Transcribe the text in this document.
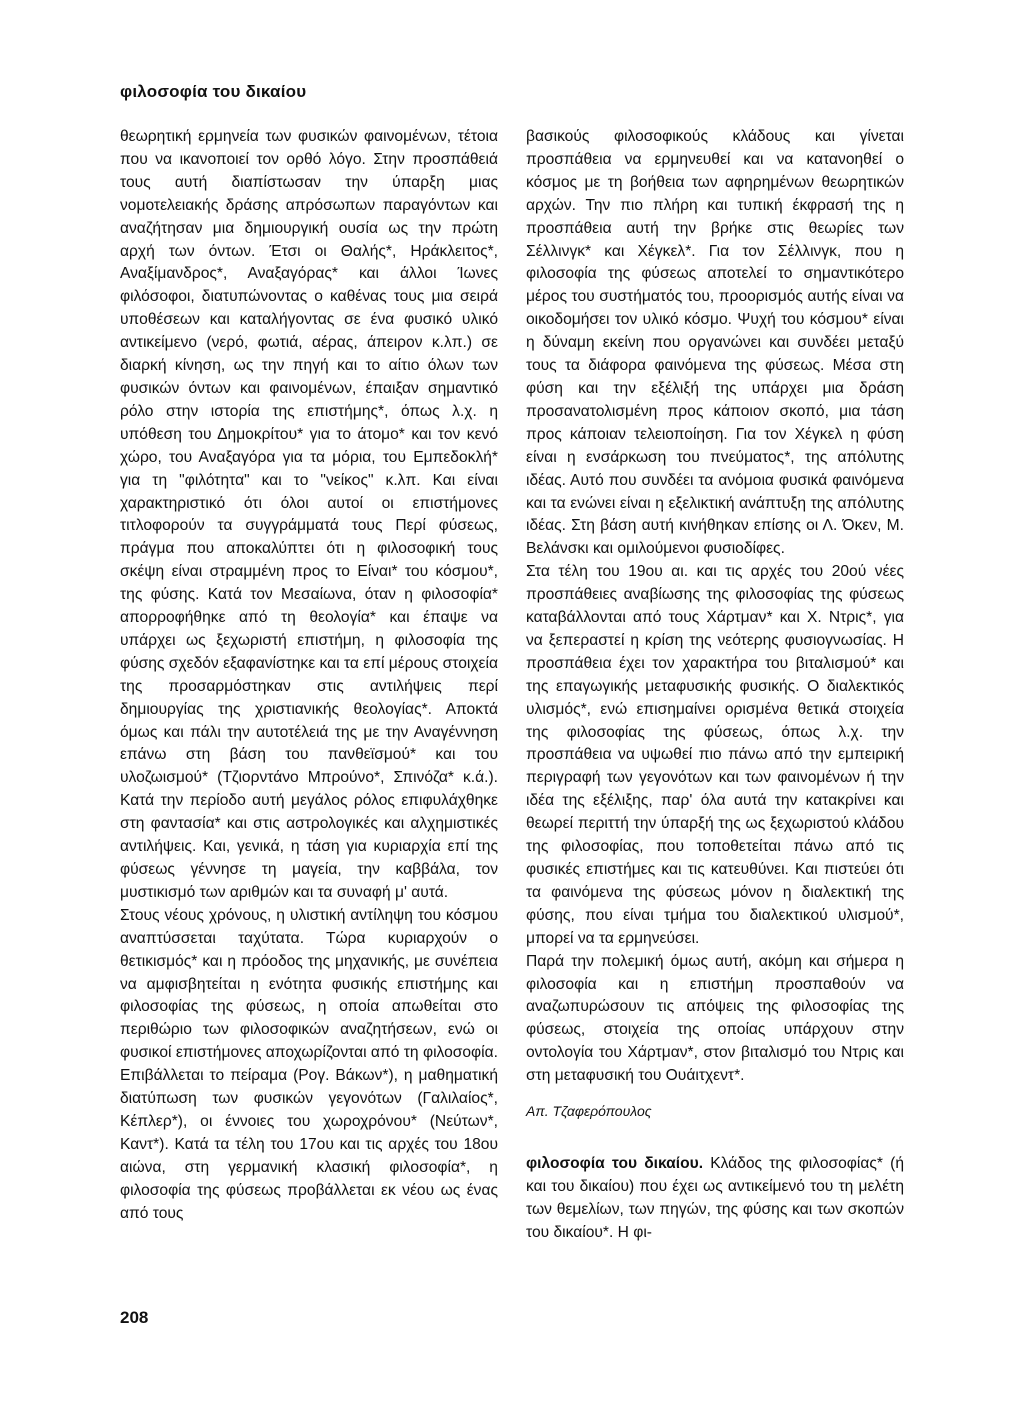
φιλοσοφία του δικαίου

θεωρητική ερμηνεία των φυσικών φαινομένων, τέτοια που να ικανοποιεί τον ορθό λόγο. Στην προσπάθειά τους αυτή διαπίστωσαν την ύπαρξη μιας νομοτελειακής δράσης απρόσωπων παραγόντων και αναζήτησαν μια δημιουργική ουσία ως την πρώτη αρχή των όντων. Έτσι οι Θαλής*, Ηράκλειτος*, Αναξίμανδρος*, Αναξαγόρας* και άλλοι Ίωνες φιλόσοφοι, διατυπώνοντας ο καθένας τους μια σειρά υποθέσεων και καταλήγοντας σε ένα φυσικό υλικό αντικείμενο (νερό, φωτιά, αέρας, άπειρον κ.λπ.) σε διαρκή κίνηση, ως την πηγή και το αίτιο όλων των φυσικών όντων και φαινομένων, έπαιξαν σημαντικό ρόλο στην ιστορία της επιστήμης*, όπως λ.χ. η υπόθεση του Δημοκρίτου* για το άτομο* και τον κενό χώρο, του Αναξαγόρα για τα μόρια, του Εμπεδοκλή* για τη "φιλότητα" και το "νείκος" κ.λπ. Και είναι χαρακτηριστικό ότι όλοι αυτοί οι επιστήμονες τιτλοφορούν τα συγγράμματά τους Περί φύσεως, πράγμα που αποκαλύπτει ότι η φιλοσοφική τους σκέψη είναι στραμμένη προς το Είναι* του κόσμου*, της φύσης. Κατά τον Μεσαίωνα, όταν η φιλοσοφία* απορροφήθηκε από τη θεολογία* και έπαψε να υπάρχει ως ξεχωριστή επιστήμη, η φιλοσοφία της φύσης σχεδόν εξαφανίστηκε και τα επί μέρους στοιχεία της προσαρμόστηκαν στις αντιλήψεις περί δημιουργίας της χριστιανικής θεολογίας*. Αποκτά όμως και πάλι την αυτοτέλειά της με την Αναγέννηση επάνω στη βάση του πανθεϊσμού* και του υλοζωισμού* (Τζιορντάνο Μπρούνο*, Σπινόζα* κ.ά.). Κατά την περίοδο αυτή μεγάλος ρόλος επιφυλάχθηκε στη φαντασία* και στις αστρολογικές και αλχημιστικές αντιλήψεις. Και, γενικά, η τάση για κυριαρχία επί της φύσεως γέννησε τη μαγεία, την καββάλα, τον μυστικισμό των αριθμών και τα συναφή μ' αυτά.

Στους νέους χρόνους, η υλιστική αντίληψη του κόσμου αναπτύσσεται ταχύτατα. Τώρα κυριαρχούν ο θετικισμός* και η πρόοδος της μηχανικής, με συνέπεια να αμφισβητείται η ενότητα φυσικής επιστήμης και φιλοσοφίας της φύσεως, η οποία απωθείται στο περιθώριο των φιλοσοφικών αναζητήσεων, ενώ οι φυσικοί επιστήμονες αποχωρίζονται από τη φιλοσοφία. Επιβάλλεται το πείραμα (Ρογ. Βάκων*), η μαθηματική διατύπωση των φυσικών γεγονότων (Γαλιλαίος*, Κέπλερ*), οι έννοιες του χωροχρόνου* (Νεύτων*, Καντ*). Κατά τα τέλη του 17ου και τις αρχές του 18ου αιώνα, στη γερμανική κλασική φιλοσοφία*, η φιλοσοφία της φύσεως προβάλλεται εκ νέου ως ένας από τους

βασικούς φιλοσοφικούς κλάδους και γίνεται προσπάθεια να ερμηνευθεί και να κατανοηθεί ο κόσμος με τη βοήθεια των αφηρημένων θεωρητικών αρχών. Την πιο πλήρη και τυπική έκφρασή της η προσπάθεια αυτή την βρήκε στις θεωρίες των Σέλλινγκ* και Χέγκελ*. Για τον Σέλλινγκ, που η φιλοσοφία της φύσεως αποτελεί το σημαντικότερο μέρος του συστήματός του, προορισμός αυτής είναι να οικοδομήσει τον υλικό κόσμο. Ψυχή του κόσμου* είναι η δύναμη εκείνη που οργανώνει και συνδέει μεταξύ τους τα διάφορα φαινόμενα της φύσεως. Μέσα στη φύση και την εξέλιξή της υπάρχει μια δράση προσανατολισμένη προς κάποιον σκοπό, μια τάση προς κάποιαν τελειοποίηση. Για τον Χέγκελ η φύση είναι η ενσάρκωση του πνεύματος*, της απόλυτης ιδέας. Αυτό που συνδέει τα ανόμοια φυσικά φαινόμενα και τα ενώνει είναι η εξελικτική ανάπτυξη της απόλυτης ιδέας. Στη βάση αυτή κινήθηκαν επίσης οι Λ. Όκεν, Μ. Βελάνσκι και ομιλούμενοι φυσιοδίφες.

Στα τέλη του 19ου αι. και τις αρχές του 20ού νέες προσπάθειες αναβίωσης της φιλοσοφίας της φύσεως καταβάλλονται από τους Χάρτμαν* και Χ. Ντρις*, για να ξεπεραστεί η κρίση της νεότερης φυσιογνωσίας. Η προσπάθεια έχει τον χαρακτήρα του βιταλισμού* και της επαγωγικής μεταφυσικής φυσικής. Ο διαλεκτικός υλισμός*, ενώ επισημαίνει ορισμένα θετικά στοιχεία της φιλοσοφίας της φύσεως, όπως λ.χ. την προσπάθεια να υψωθεί πιο πάνω από την εμπειρική περιγραφή των γεγονότων και των φαινομένων ή την ιδέα της εξέλιξης, παρ' όλα αυτά την κατακρίνει και θεωρεί περιττή την ύπαρξή της ως ξεχωριστού κλάδου της φιλοσοφίας, που τοποθετείται πάνω από τις φυσικές επιστήμες και τις κατευθύνει. Και πιστεύει ότι τα φαινόμενα της φύσεως μόνον η διαλεκτική της φύσης, που είναι τμήμα του διαλεκτικού υλισμού*, μπορεί να τα ερμηνεύσει.

Παρά την πολεμική όμως αυτή, ακόμη και σήμερα η φιλοσοφία και η επιστήμη προσπαθούν να αναζωπυρώσουν τις απόψεις της φιλοσοφίας της φύσεως, στοιχεία της οποίας υπάρχουν στην οντολογία του Χάρτμαν*, στον βιταλισμό του Ντρις και στη μεταφυσική του Ουάιτχεντ*.

Απ. Τζαφερόπουλος

φιλοσοφία του δικαίου. Κλάδος της φιλοσοφίας* (ή και του δικαίου) που έχει ως αντικείμενό του τη μελέτη των θεμελίων, των πηγών, της φύσης και των σκοπών του δικαίου*. Η φι-

208
